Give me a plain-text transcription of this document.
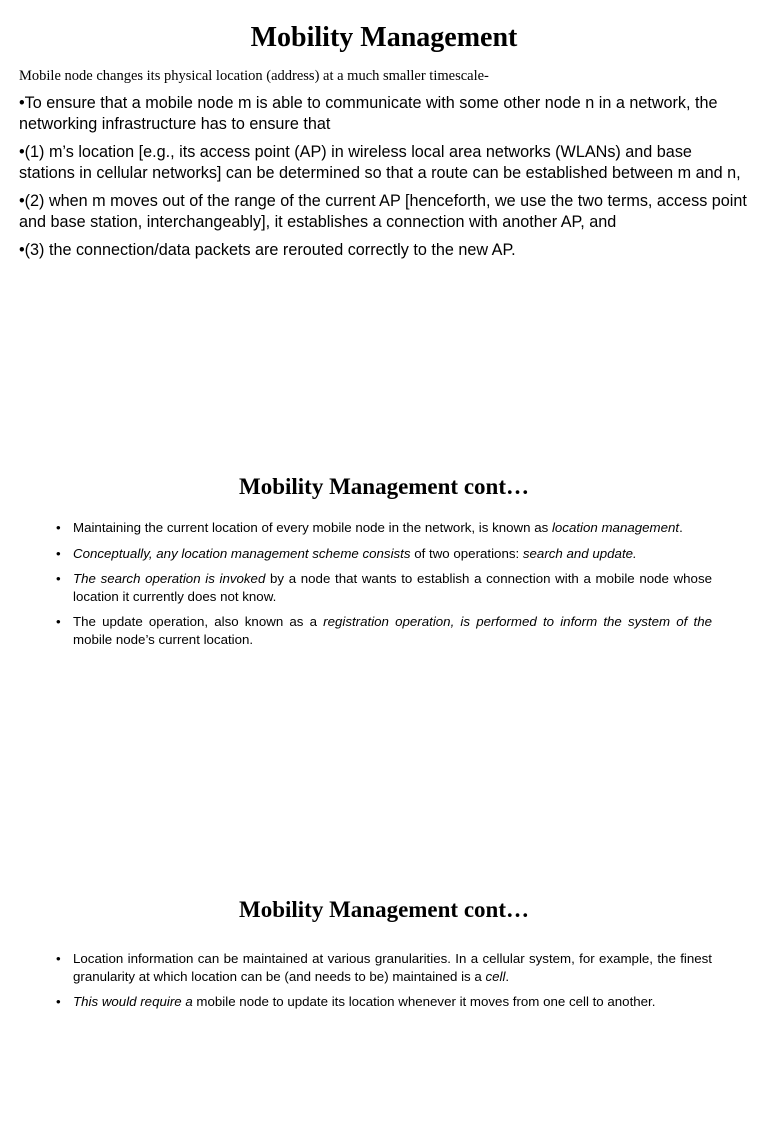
Mobility Management
Mobile node changes its physical location (address) at a much smaller timescale-
•To ensure that a mobile node m is able to communicate with some other node n in a network, the networking infrastructure has to ensure that
•(1) m’s location [e.g., its access point (AP) in wireless local area networks (WLANs) and base stations in cellular networks] can be determined so that a route can be established between m and n,
•(2) when m moves out of the range of the current AP [henceforth, we use the two terms, access point and base station, interchangeably], it establishes a connection with another AP, and
•(3) the connection/data packets are rerouted correctly to the new AP.
Mobility Management cont…
• Maintaining the current location of every mobile node in the network, is known as location management.
• Conceptually, any location management scheme consists of two operations: search and update.
• The search operation is invoked by a node that wants to establish a connection with a mobile node whose location it currently does not know.
• The update operation, also known as a registration operation, is performed to inform the system of the mobile node’s current location.
Mobility Management cont…
• Location information can be maintained at various granularities. In a cellular system, for example, the finest granularity at which location can be (and needs to be) maintained is a cell.
• This would require a mobile node to update its location whenever it moves from one cell to another.
